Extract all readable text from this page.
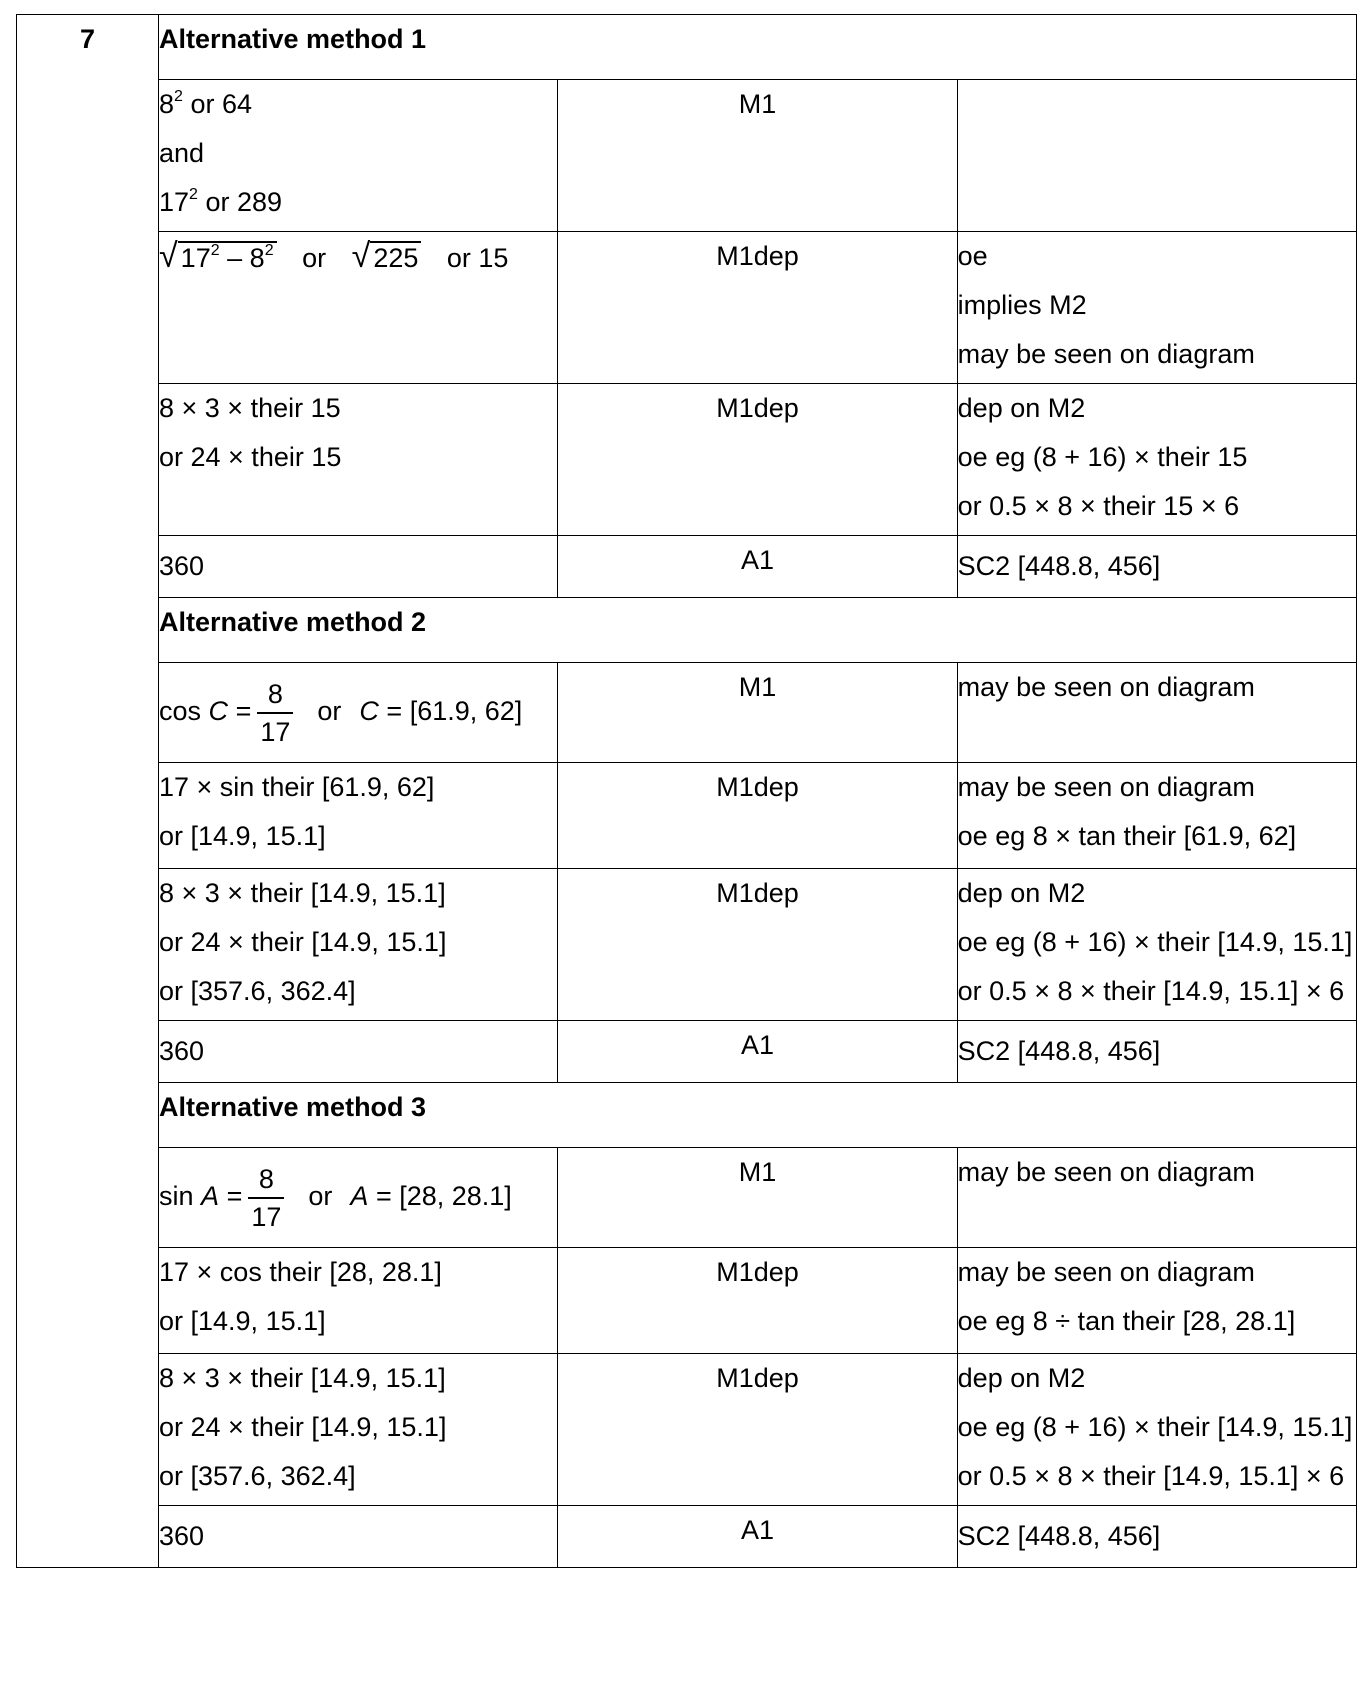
7	Alternative method 1		

	$8^2$ or 64
and
$17^2$ or 289	M1	

	√ $17^2 - 8^2$ or √ 225 or 15	M1dep	oe
implies M2
may be seen on diagram

	8 × 3 × their 15
or 24 × their 15	M1dep	dep on M2
oe eg (8 + 16) × their 15
or 0.5 × 8 × their 15 × 6

	360	A1	SC2 [448.8, 456]
	Alternative method 2		

	$\cos C = \frac{8}{17}$ or C = [61.9, 62]	M1	may be seen on diagram

	17 × sin their [61.9, 62]
or [14.9, 15.1]	M1dep	may be seen on diagram
oe eg 8 × tan their [61.9, 62]

	8 × 3 × their [14.9, 15.1]
or 24 × their [14.9, 15.1]
or [357.6, 362.4]	M1dep	dep on M2
oe eg (8 + 16) × their [14.9, 15.1]
or 0.5 × 8 × their [14.9, 15.1] × 6

	360	A1	SC2 [448.8, 456]
	Alternative method 3		

	$\sin A = \frac{8}{17}$ or A = [28, 28.1]	M1	may be seen on diagram

	17 × cos their [28, 28.1]
or [14.9, 15.1]	M1dep	may be seen on diagram
oe eg 8 ÷ tan their [28, 28.1]

	8 × 3 × their [14.9, 15.1]
or 24 × their [14.9, 15.1]
or [357.6, 362.4]	M1dep	dep on M2
oe eg (8 + 16) × their [14.9, 15.1]
or 0.5 × 8 × their [14.9, 15.1] × 6

	360	A1	SC2 [448.8, 456]
